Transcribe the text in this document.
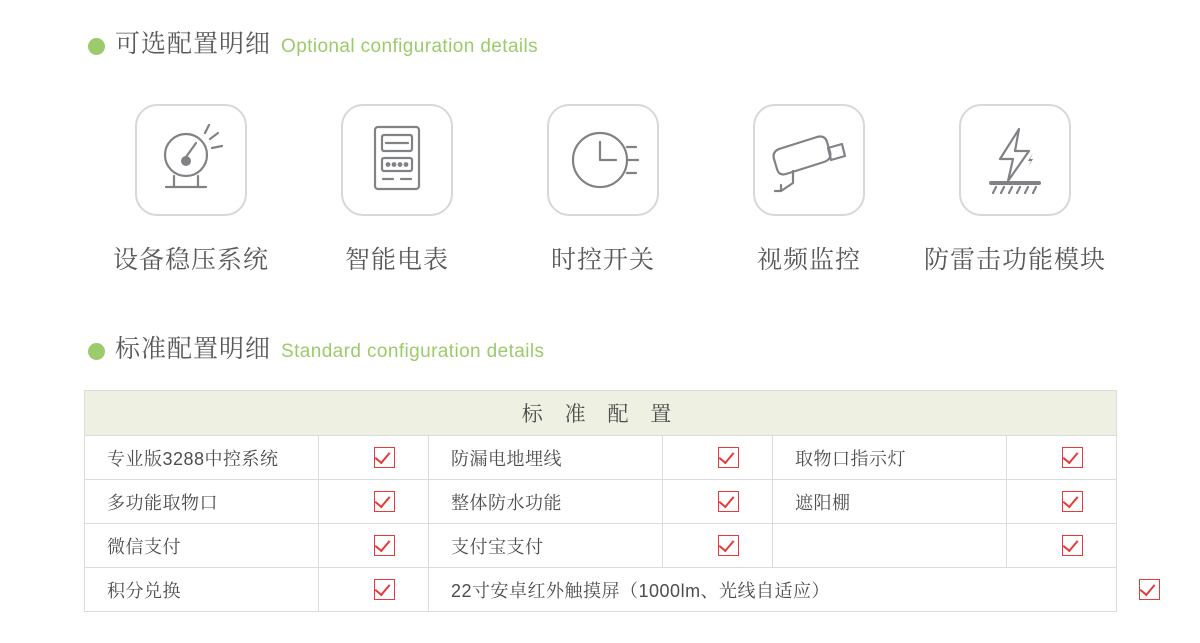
可选配置明细 Optional configuration details
设备稳压系统	智能电表	时控开关	视频监控	防雷击功能模块
标准配置明细 Standard configuration details
标 准 配 置						
专业版3288中控系统		防漏电地埋线		取物口指示灯		
多功能取物口		整体防水功能		遮阳棚		
微信支付		支付宝支付				
积分兑换		22寸安卓红外触摸屏（1000lm、光线自适应）				
